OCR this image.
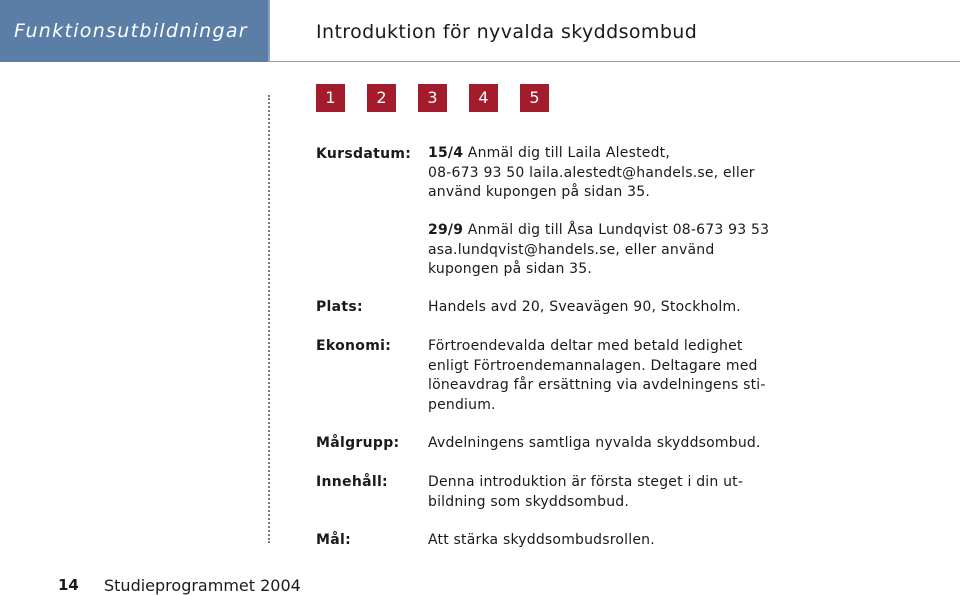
Funktionsutbildningar	Introduktion för nyvalda skyddsombud
1	2	3	4	5
Kursdatum: 15/4 Anmäl dig till Laila Alestedt,
08-673 93 50 laila.alestedt@handels.se, eller
använd kupongen på sidan 35.
29/9 Anmäl dig till Åsa Lundqvist 08-673 93 53
asa.lundqvist@handels.se, eller använd
kupongen på sidan 35.
Plats:	Handels avd 20, Sveavägen 90, Stockholm.
Ekonomi:	Förtroendevalda deltar med betald ledighet
enligt Förtroendemannalagen. Deltagare med
löneavdrag får ersättning via avdelningens sti-
pendium.
Målgrupp: Avdelningens samtliga nyvalda skyddsombud.
Innehåll:	Denna introduktion är första steget i din ut-
bildning som skyddsombud.
Mål:	Att stärka skyddsombudsrollen.
14 Studieprogrammet 2004
